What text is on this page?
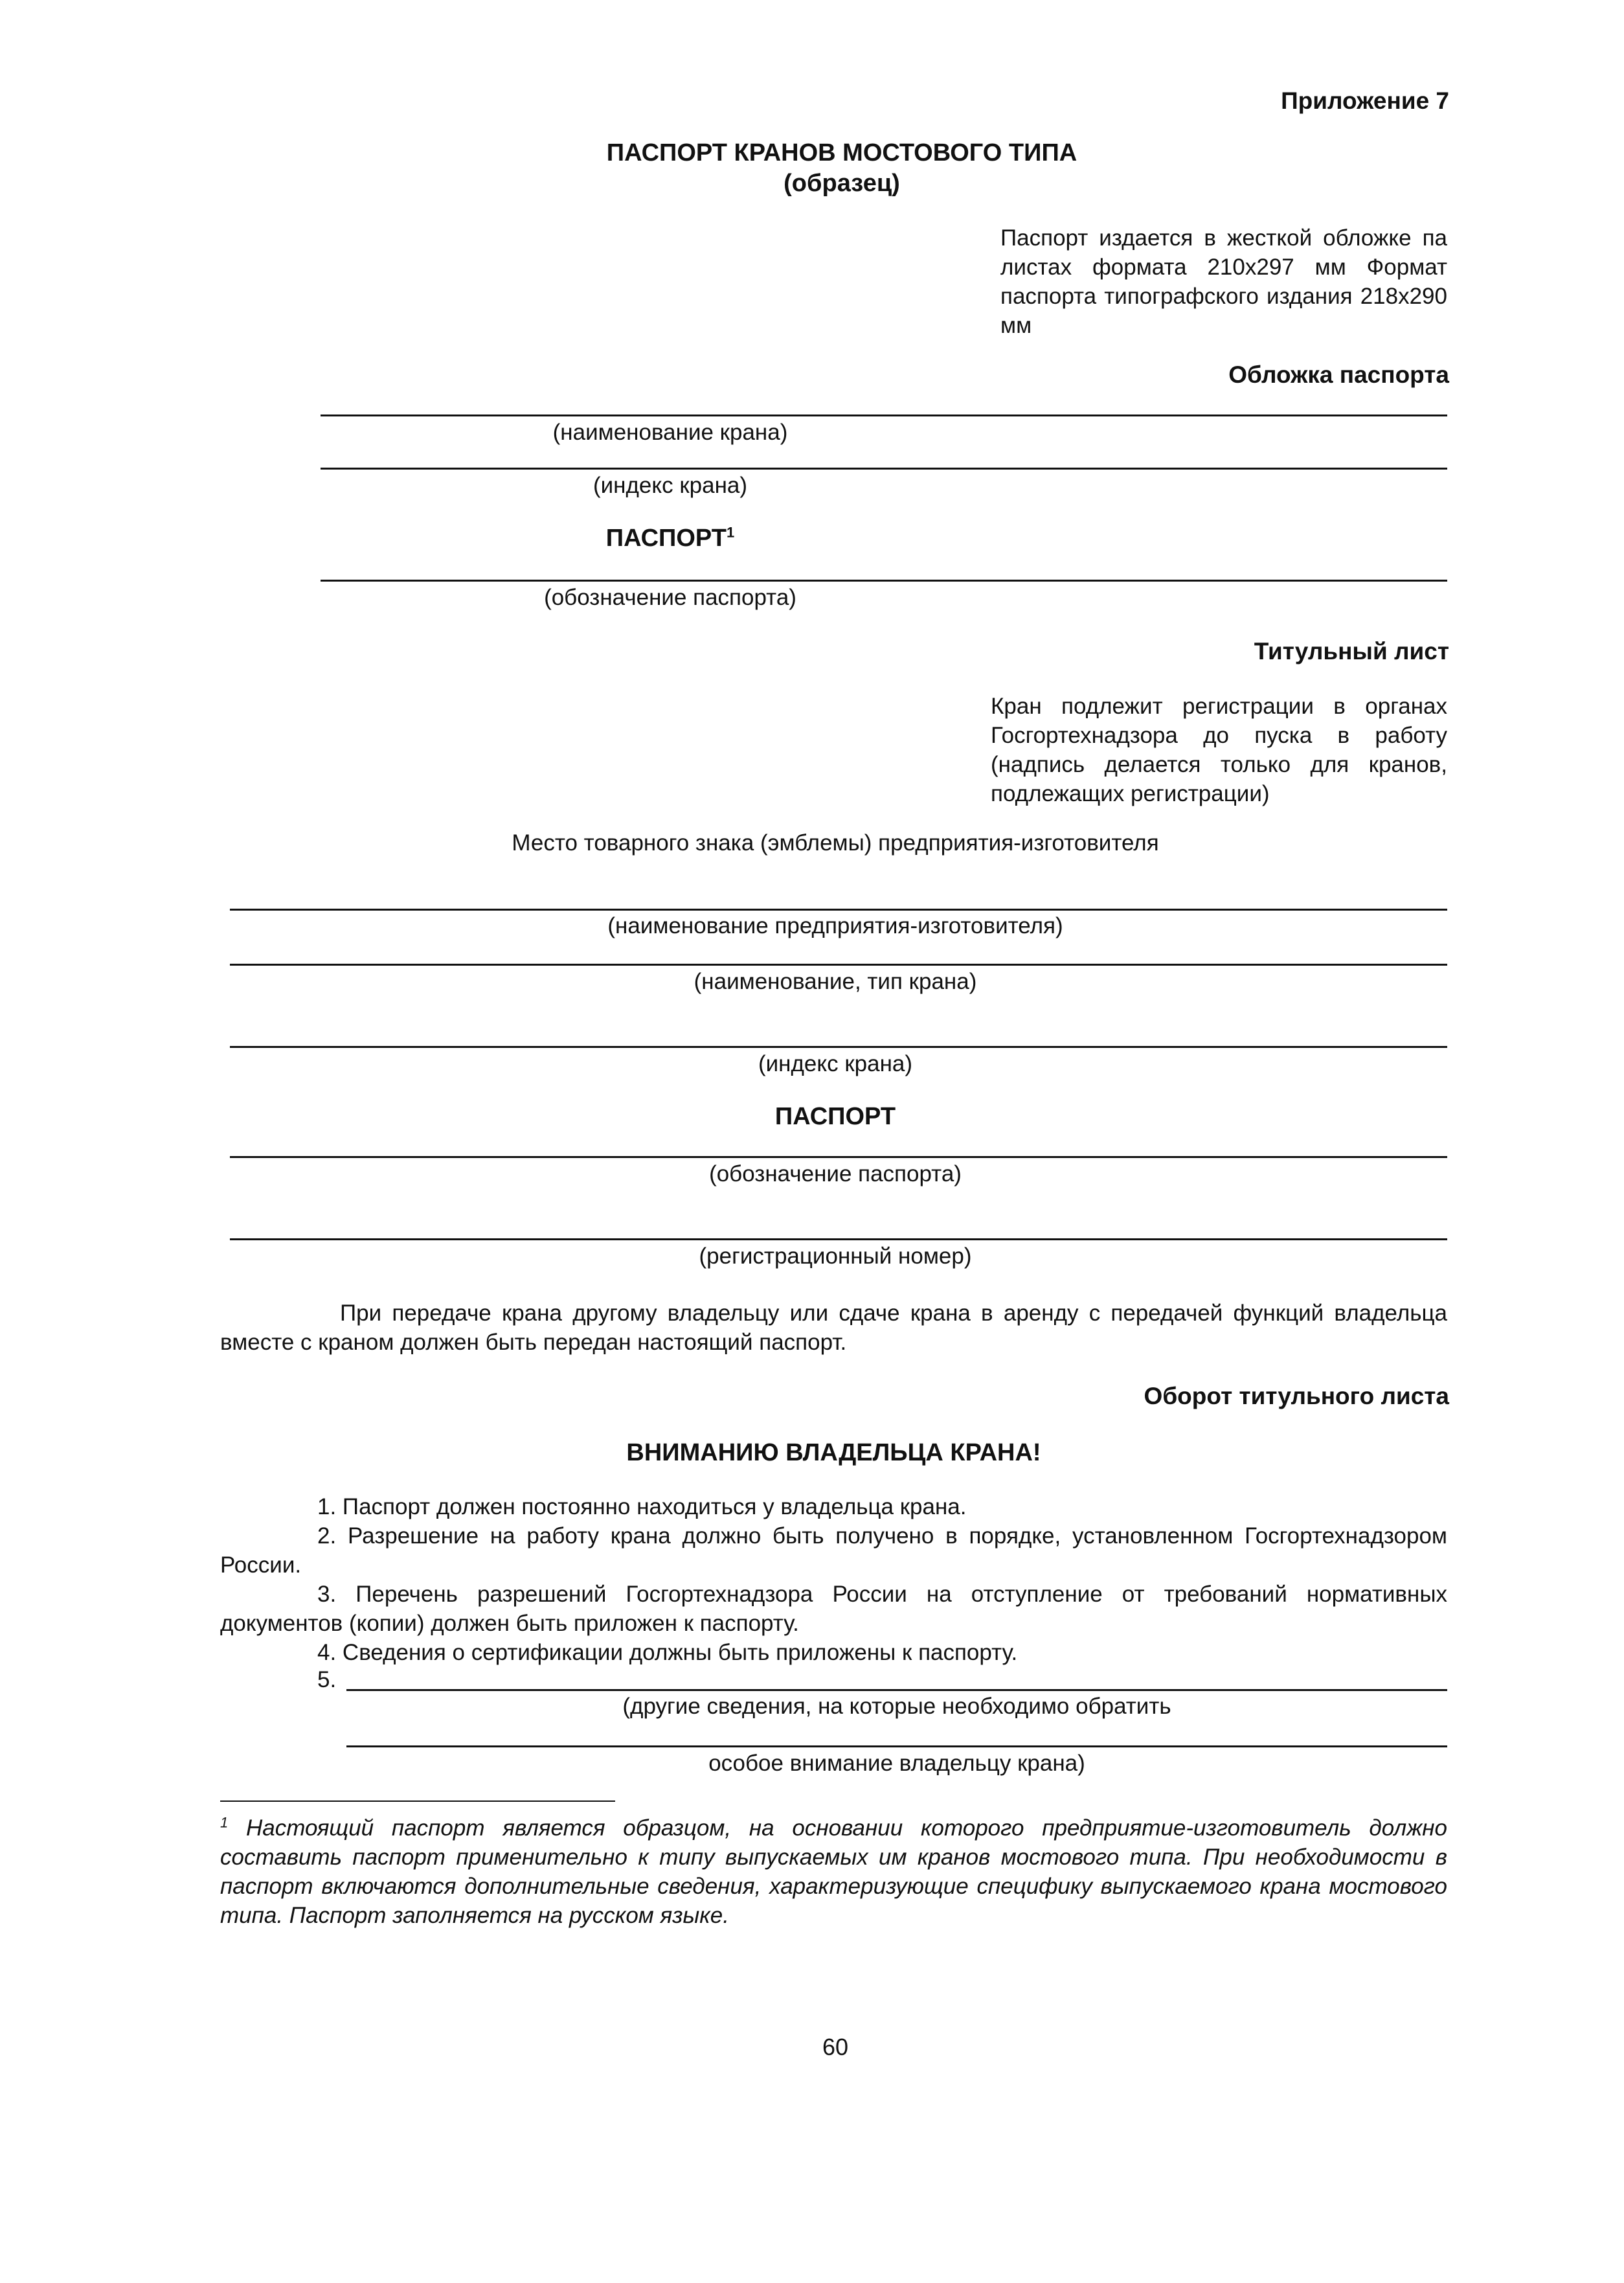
Приложение 7
ПАСПОРТ КРАНОВ МОСТОВОГО ТИПА
(образец)
Паспорт издается в жесткой обложке па листах формата 210х297 мм Формат паспорта типографского издания 218х290 мм
Обложка паспорта
(наименование крана)
(индекс крана)
ПАСПОРТ$^1$
(обозначение паспорта)
Титульный лист
Кран подлежит регистрации в органах Госгортехнадзора до пуска в работу (надпись делается только для кранов, подлежащих регистрации)
Место товарного знака (эмблемы) предприятия-изготовителя
(наименование предприятия-изготовителя)
(наименование, тип крана)
(индекс крана)
ПАСПОРТ
(обозначение паспорта)
(регистрационный номер)
При передаче крана другому владельцу или сдаче крана в аренду с передачей функций владельца вместе с краном должен быть передан настоящий паспорт.
Оборот титульного листа
ВНИМАНИЮ ВЛАДЕЛЬЦА КРАНА!
1. Паспорт должен постоянно находиться у владельца крана.
2. Разрешение на работу крана должно быть получено в порядке, установленном Госгортехнадзором России.
3. Перечень разрешений Госгортехнадзора России на отступление от требований нормативных документов (копии) должен быть приложен к паспорту.
4. Сведения о сертификации должны быть приложены к паспорту.
5.
(другие сведения, на которые необходимо обратить
особое внимание владельцу крана)
$^1$ Настоящий паспорт является образцом, на основании которого предприятие-изготовитель должно составить паспорт применительно к типу выпускаемых им кранов мостового типа. При необходимости в паспорт включаются дополнительные сведения, характеризующие специфику выпускаемого крана мостового типа. Паспорт заполняется на русском языке.
60
